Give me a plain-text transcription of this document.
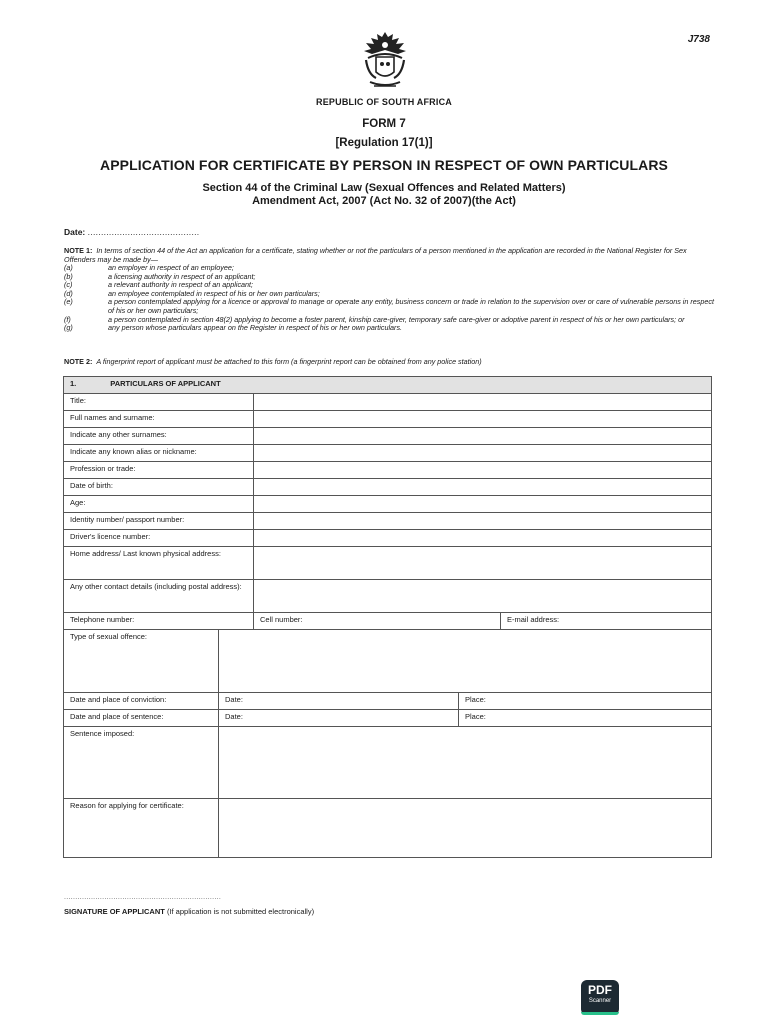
J738
REPUBLIC OF SOUTH AFRICA
FORM 7
[Regulation 17(1)]
APPLICATION FOR CERTIFICATE BY PERSON IN RESPECT OF OWN PARTICULARS
Section 44 of the Criminal Law (Sexual Offences and Related Matters)
Amendment Act, 2007 (Act No. 32 of 2007)(the Act)
Date: ..........................................
NOTE 1: In terms of section 44 of the Act an application for a certificate, stating whether or not the particulars of a person mentioned in the application are recorded in the National Register for Sex Offenders may be made by—
(a)	an employer in respect of an employee;
(b)	a licensing authority in respect of an applicant;
(c)	a relevant authority in respect of an applicant;
(d)	an employee contemplated in respect of his or her own particulars;
(e)	a person contemplated applying for a licence or approval to manage or operate any entity, business concern or trade in relation to the supervision over or care of vulnerable persons in respect of his or her own particulars;
(f)	a person contemplated in section 48(2) applying to become a foster parent, kinship care-giver, temporary safe care-giver or adoptive parent in respect of his or her own particulars; or
(g)	any person whose particulars appear on the Register in respect of his or her own particulars.
NOTE 2: A fingerprint report of applicant must be attached to this form (a fingerprint report can be obtained from any police station)
1. PARTICULARS OF APPLICANT				
Title:				
Full names and surname:				
Indicate any other surnames:				
Indicate any known alias or nickname:				
Profession or trade:				
Date of birth:				
Age:				
Identity number/ passport number:				
Driver's licence number:				
Home address/ Last known physical address:				
Any other contact details (including postal address):				
Telephone number:		Cell number:		E-mail address:
Type of sexual offence:				
Date and place of conviction:	Date:		Place:	
Date and place of sentence:	Date:		Place:	
Sentence imposed:				
Reason for applying for certificate:				
......................................................................
SIGNATURE OF APPLICANT (If application is not submitted electronically)
PDF
Scanner
